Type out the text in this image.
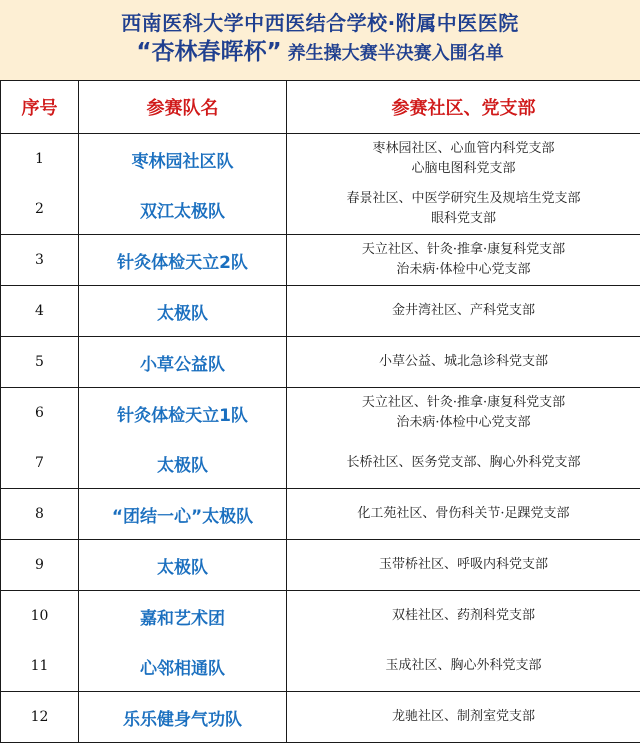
西南医科大学中西医结合学校·附属中医医院
“杏林春晖杯” 养生操大赛半决赛入围名单
序号	参赛队名	参赛社区、党支部
1	枣林园社区队	枣林园社区、心血管内科党支部
心脑电图科党支部

2	双江太极队	春景社区、中医学研究生及规培生党支部
眼科党支部

3	针灸体检天立2队	天立社区、针灸·推拿·康复科党支部
治未病·体检中心党支部

4	太极队	金井湾社区、产科党支部

5	小草公益队	小草公益、城北急诊科党支部

6	针灸体检天立1队	天立社区、针灸·推拿·康复科党支部
治未病·体检中心党支部

7	太极队	长桥社区、医务党支部、胸心外科党支部

8	“团结一心”太极队	化工苑社区、骨伤科关节·足踝党支部

9	太极队	玉带桥社区、呼吸内科党支部

10	嘉和艺术团	双桂社区、药剂科党支部

11	心邻相通队	玉成社区、胸心外科党支部

12	乐乐健身气功队	龙驰社区、制剂室党支部
